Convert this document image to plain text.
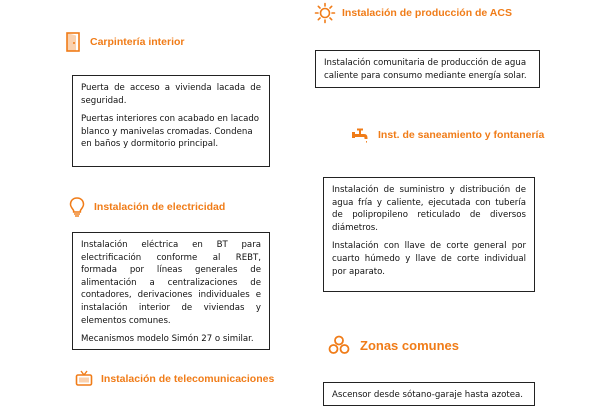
Carpintería interior

Puerta de acceso a vivienda lacada de seguridad.

Puertas interiores con acabado en lacado blanco y manivelas cromadas. Condena en baños y dormitorio principal.

Instalación de electricidad

Instalación eléctrica en BT para electrificación conforme al REBT, formada por líneas generales de alimentación a centralizaciones de contadores, derivaciones individuales e instalación interior de viviendas y elementos comunes.

Mecanismos modelo Simón 27 o similar.

Instalación de telecomunicaciones
Instalación de producción de ACS

Instalación comunitaria de producción de agua caliente para consumo mediante energía solar.

Inst. de saneamiento y fontanería

Instalación de suministro y distribución de agua fría y caliente, ejecutada con tubería de polipropileno reticulado de diversos diámetros.

Instalación con llave de corte general por cuarto húmedo y llave de corte individual por aparato.

Zonas comunes

Ascensor desde sótano-garaje hasta azotea.
